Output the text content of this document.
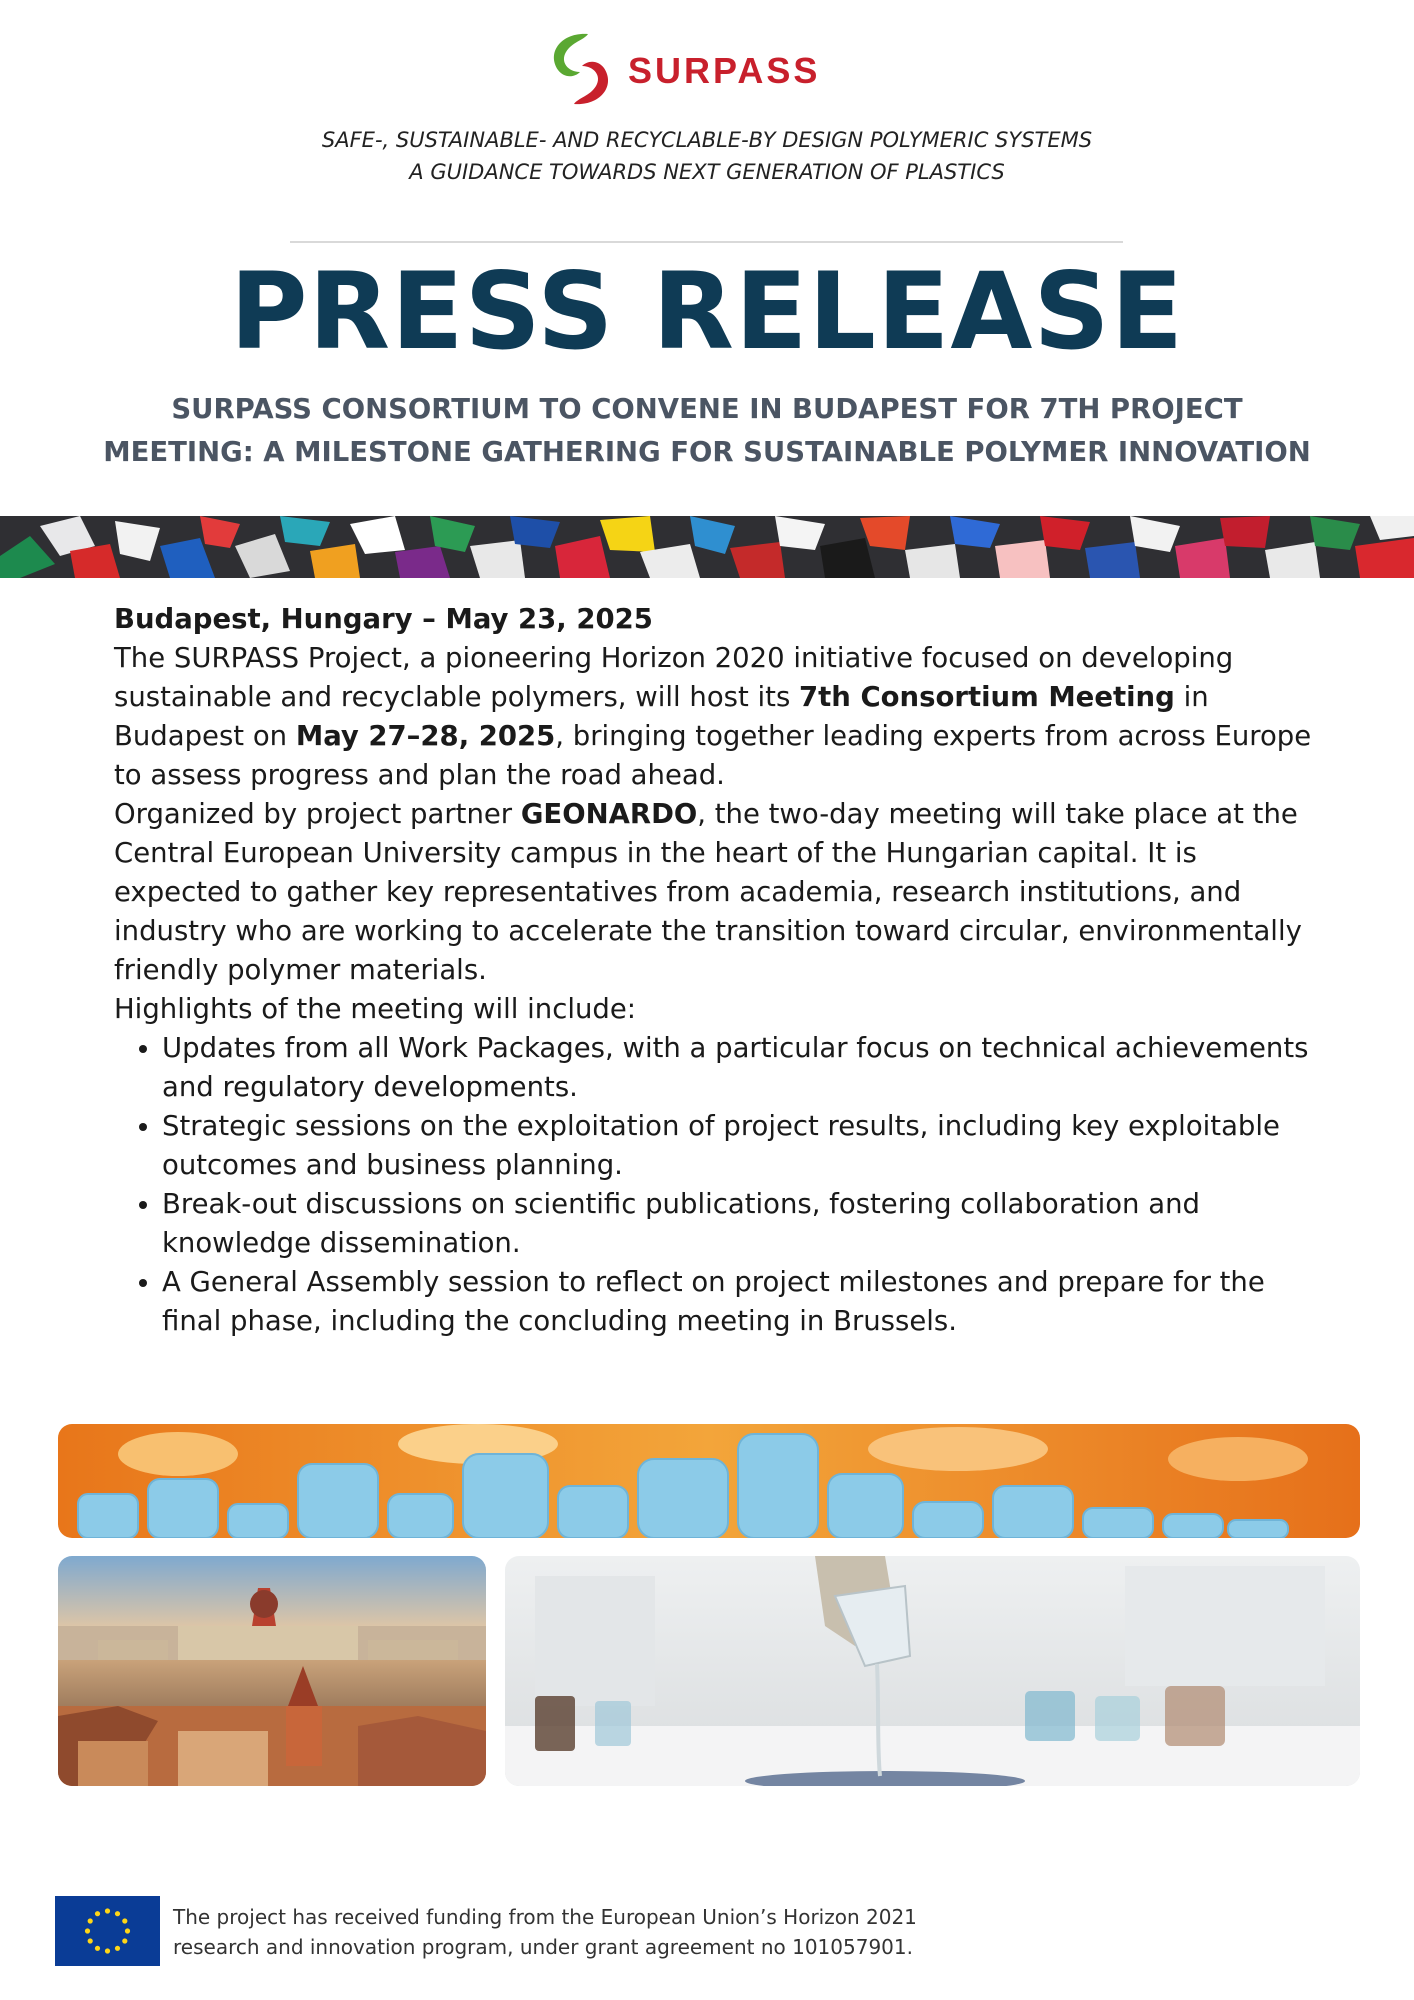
SURPASS
SAFE-, SUSTAINABLE- AND RECYCLABLE-BY DESIGN POLYMERIC SYSTEMS
A GUIDANCE TOWARDS NEXT GENERATION OF PLASTICS
PRESS RELEASE
SURPASS CONSORTIUM TO CONVENE IN BUDAPEST FOR 7TH PROJECT
MEETING: A MILESTONE GATHERING FOR SUSTAINABLE POLYMER INNOVATION

Budapest, Hungary – May 23, 2025

The SURPASS Project, a pioneering Horizon 2020 initiative focused on developing sustainable and recyclable polymers, will host its 7th Consortium Meeting in Budapest on May 27–28, 2025, bringing together leading experts from across Europe to assess progress and plan the road ahead.

Organized by project partner GEONARDO, the two-day meeting will take place at the Central European University campus in the heart of the Hungarian capital. It is expected to gather key representatives from academia, research institutions, and industry who are working to accelerate the transition toward circular, environmentally friendly polymer materials.

Highlights of the meeting will include:

• Updates from all Work Packages, with a particular focus on technical achievements and regulatory developments.
• Strategic sessions on the exploitation of project results, including key exploitable outcomes and business planning.
• Break-out discussions on scientific publications, fostering collaboration and knowledge dissemination.
• A General Assembly session to reflect on project milestones and prepare for the final phase, including the concluding meeting in Brussels.
The project has received funding from the European Union’s Horizon 2021
research and innovation program, under grant agreement no 101057901.
